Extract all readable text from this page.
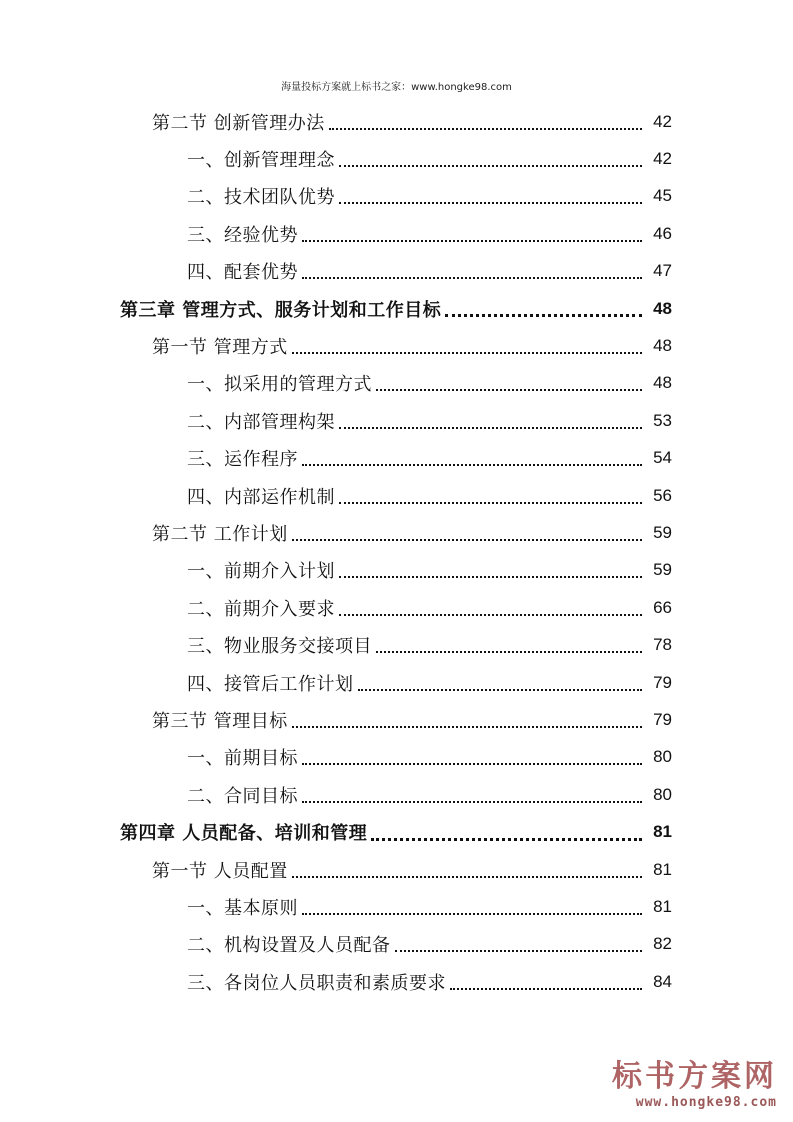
海量投标方案就上标书之家：www.hongke98.com
第二节 创新管理办法	42
一、创新管理理念	42
二、技术团队优势	45
三、经验优势	46
四、配套优势	47
第三章 管理方式、服务计划和工作目标	48
第一节 管理方式	48
一、拟采用的管理方式	48
二、内部管理构架	53
三、运作程序	54
四、内部运作机制	56
第二节 工作计划	59
一、前期介入计划	59
二、前期介入要求	66
三、物业服务交接项目	78
四、接管后工作计划	79
第三节 管理目标	79
一、前期目标	80
二、合同目标	80
第四章 人员配备、培训和管理	81
第一节 人员配置	81
一、基本原则	81
二、机构设置及人员配备	82
三、各岗位人员职责和素质要求	84
标书方案网
www.hongke98.com
